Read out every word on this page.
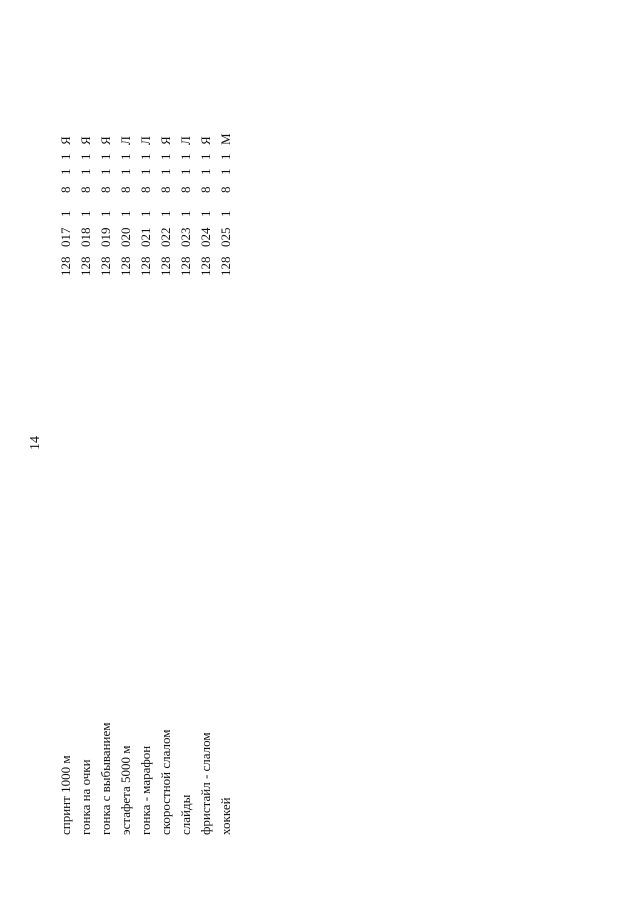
14
спринт 1000 м
128
017
1
8
1
1
Я
гонка на очки
128
018
1
8
1
1
Я
гонка с выбыванием
128
019
1
8
1
1
Я
эстафета 5000 м
128
020
1
8
1
1
Л
гонка - марафон
128
021
1
8
1
1
Л
скоростной слалом
128
022
1
8
1
1
Я
слайды
128
023
1
8
1
1
Л
фристайл - слалом
128
024
1
8
1
1
Я
хоккей
128
025
1
8
1
1
М
